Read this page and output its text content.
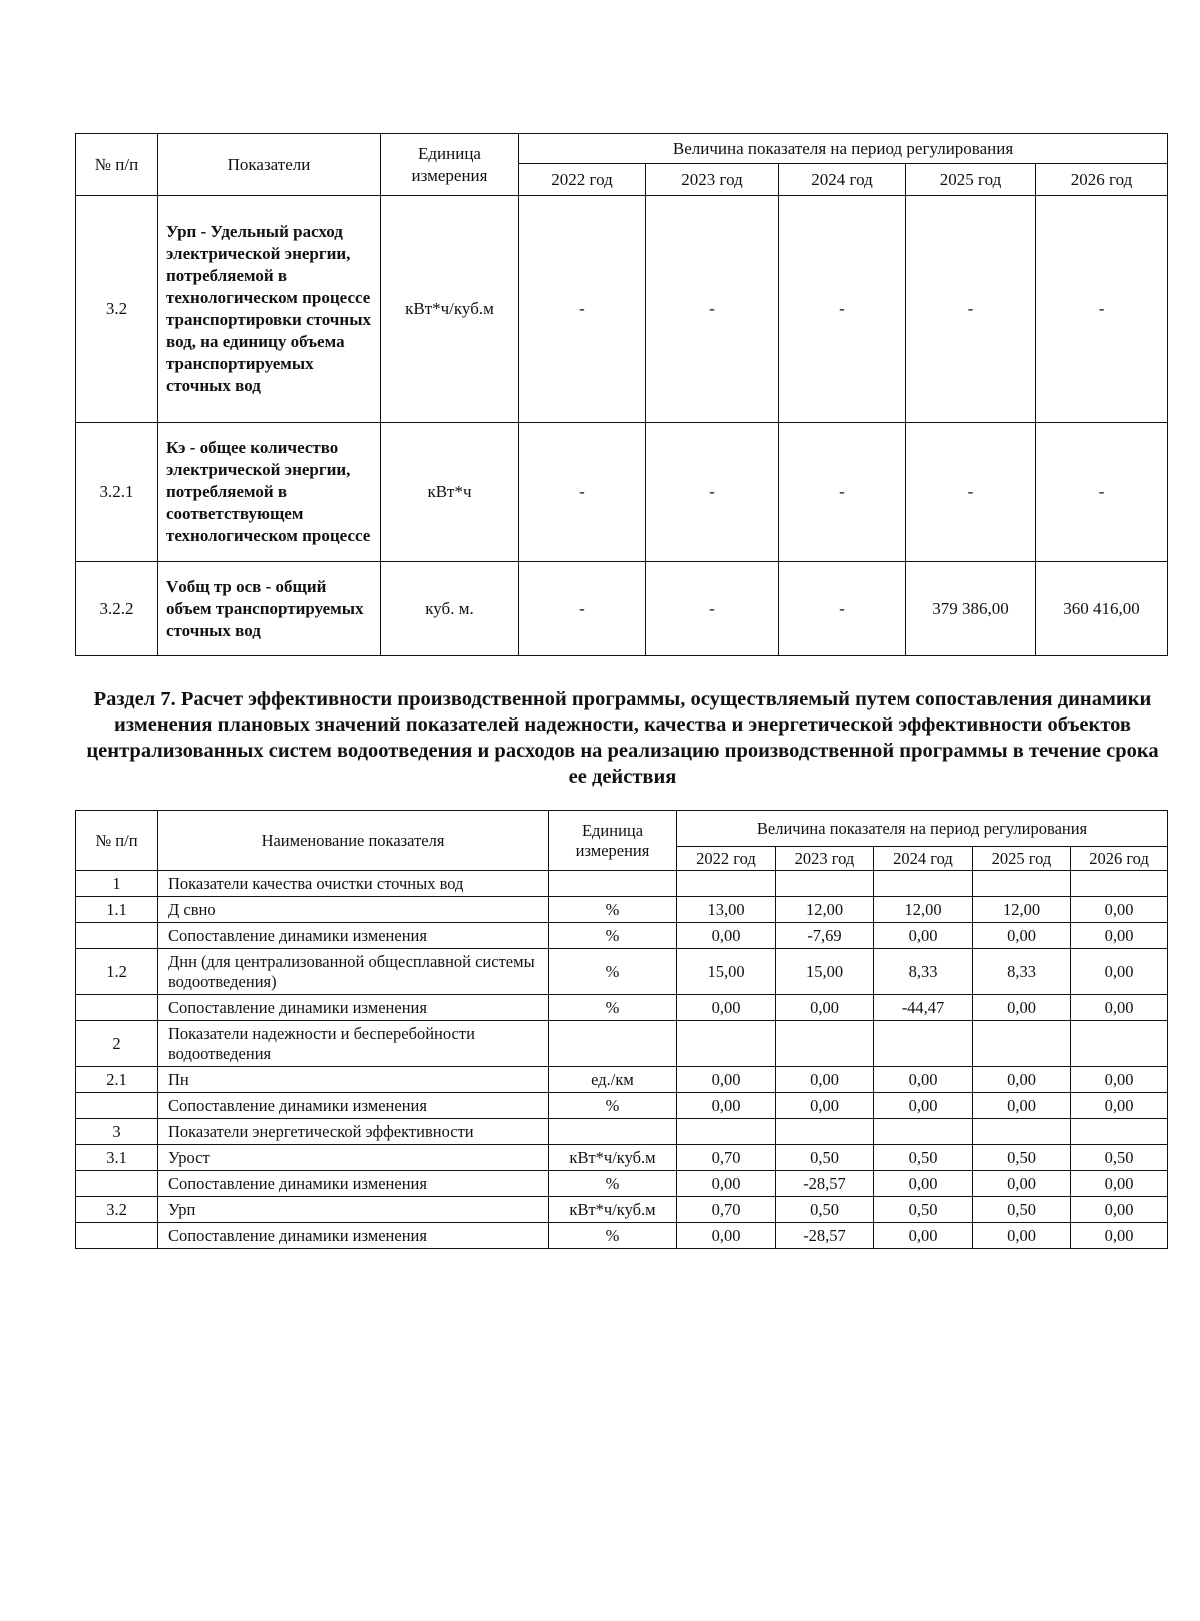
№ п/п	Показатели	Единица измерения	Величина показателя на период регулирования				
			2022 год	2023 год	2024 год	2025 год	2026 год
3.2	Урп - Удельный расход электрической энергии, потребляемой в технологическом процессе транспортировки сточных вод, на единицу объема транспортируемых сточных вод	кВт*ч/куб.м	-	-	-	-	-
3.2.1	Кэ - общее количество электрической энергии, потребляемой в соответствующем технологическом процессе	кВт*ч	-	-	-	-	-
3.2.2	Vобщ тр осв - общий объем транспортируемых сточных вод	куб. м.	-	-	-	379 386,00	360 416,00
Раздел 7. Расчет эффективности производственной программы, осуществляемый путем сопоставления динамики изменения плановых значений показателей надежности, качества и энергетической эффективности объектов централизованных систем водоотведения и расходов на реализацию производственной программы в течение срока ее действия
№ п/п	Наименование показателя	Единица измерения	Величина показателя на период регулирования				
			2022 год	2023 год	2024 год	2025 год	2026 год
1	Показатели качества очистки сточных вод						
1.1	Д свно	%	13,00	12,00	12,00	12,00	0,00
	Сопоставление динамики изменения	%	0,00	-7,69	0,00	0,00	0,00
1.2	Днн (для централизованной общесплавной системы водоотведения)	%	15,00	15,00	8,33	8,33	0,00
	Сопоставление динамики изменения	%	0,00	0,00	-44,47	0,00	0,00
2	Показатели надежности и бесперебойности водоотведения						
2.1	Пн	ед./км	0,00	0,00	0,00	0,00	0,00
	Сопоставление динамики изменения	%	0,00	0,00	0,00	0,00	0,00
3	Показатели энергетической эффективности						
3.1	Урост	кВт*ч/куб.м	0,70	0,50	0,50	0,50	0,50
	Сопоставление динамики изменения	%	0,00	-28,57	0,00	0,00	0,00
3.2	Урп	кВт*ч/куб.м	0,70	0,50	0,50	0,50	0,00
	Сопоставление динамики изменения	%	0,00	-28,57	0,00	0,00	0,00
